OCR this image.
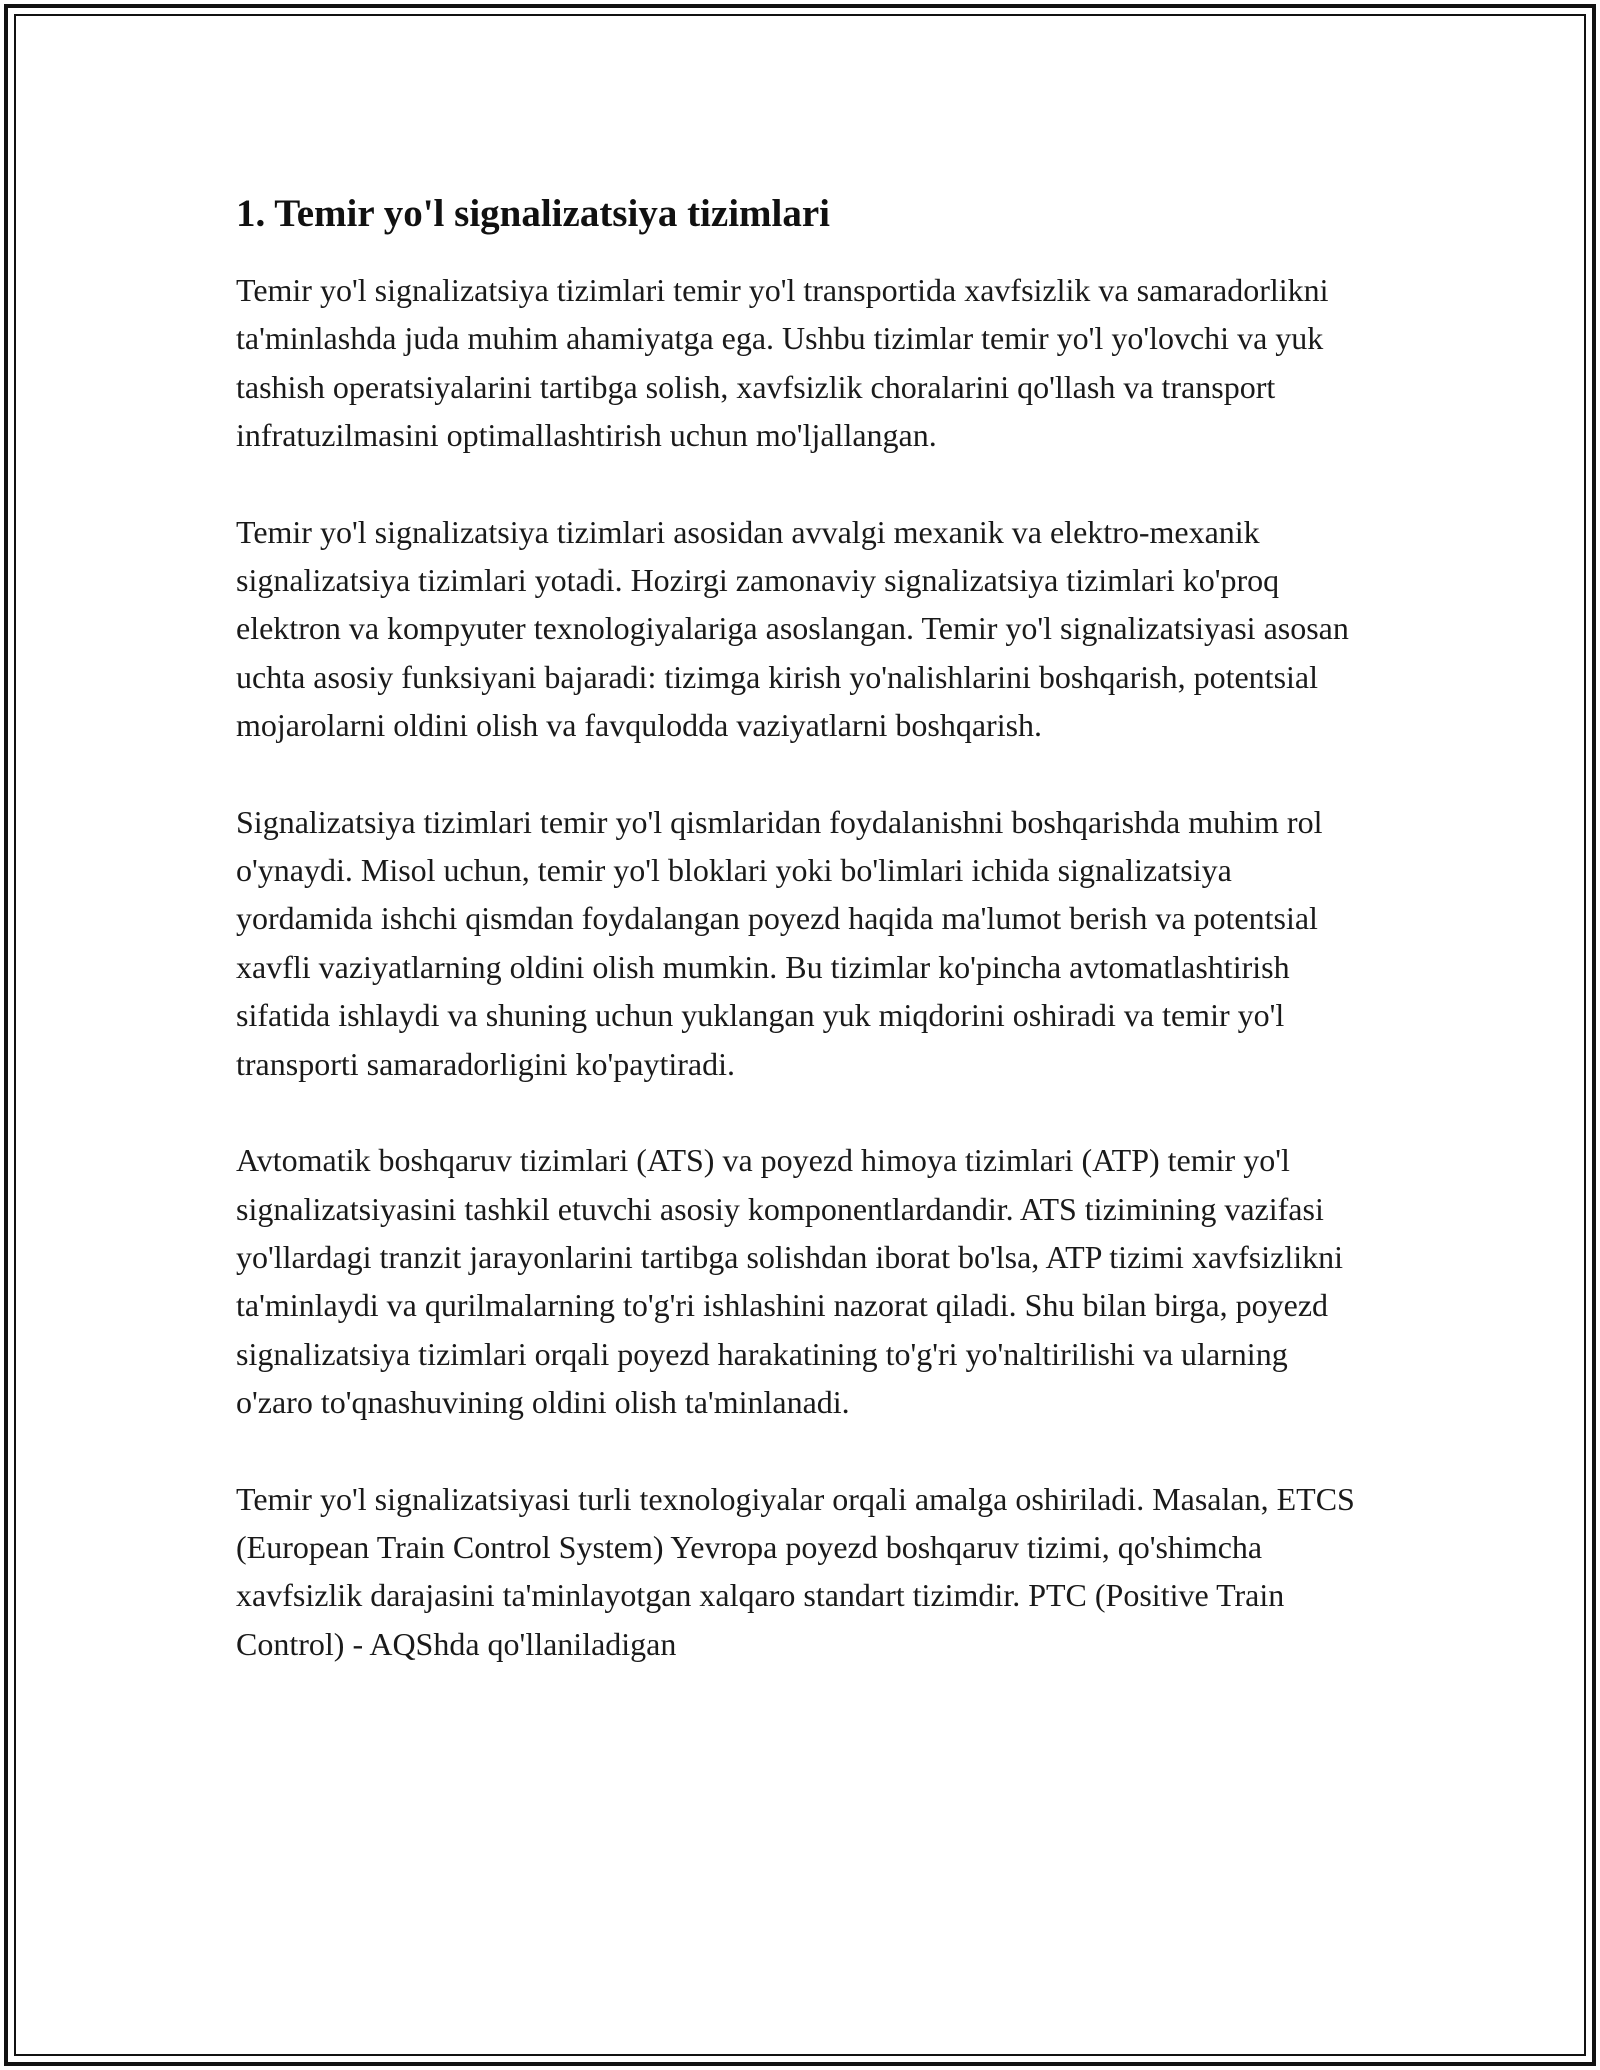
1. Temir yo'l signalizatsiya tizimlari

Temir yo'l signalizatsiya tizimlari temir yo'l transportida xavfsizlik va samaradorlikni ta'minlashda juda muhim ahamiyatga ega. Ushbu tizimlar temir yo'l yo'lovchi va yuk tashish operatsiyalarini tartibga solish, xavfsizlik choralarini qo'llash va transport infratuzilmasini optimallashtirish uchun mo'ljallangan.

Temir yo'l signalizatsiya tizimlari asosidan avvalgi mexanik va elektro-mexanik signalizatsiya tizimlari yotadi. Hozirgi zamonaviy signalizatsiya tizimlari ko'proq elektron va kompyuter texnologiyalariga asoslangan. Temir yo'l signalizatsiyasi asosan uchta asosiy funksiyani bajaradi: tizimga kirish yo'nalishlarini boshqarish, potentsial mojarolarni oldini olish va favqulodda vaziyatlarni boshqarish.

Signalizatsiya tizimlari temir yo'l qismlaridan foydalanishni boshqarishda muhim rol o'ynaydi. Misol uchun, temir yo'l bloklari yoki bo'limlari ichida signalizatsiya yordamida ishchi qismdan foydalangan poyezd haqida ma'lumot berish va potentsial xavfli vaziyatlarning oldini olish mumkin. Bu tizimlar ko'pincha avtomatlashtirish sifatida ishlaydi va shuning uchun yuklangan yuk miqdorini oshiradi va temir yo'l transporti samaradorligini ko'paytiradi.

Avtomatik boshqaruv tizimlari (ATS) va poyezd himoya tizimlari (ATP) temir yo'l signalizatsiyasini tashkil etuvchi asosiy komponentlardandir. ATS tizimining vazifasi yo'llardagi tranzit jarayonlarini tartibga solishdan iborat bo'lsa, ATP tizimi xavfsizlikni ta'minlaydi va qurilmalarning to'g'ri ishlashini nazorat qiladi. Shu bilan birga, poyezd signalizatsiya tizimlari orqali poyezd harakatining to'g'ri yo'naltirilishi va ularning o'zaro to'qnashuvining oldini olish ta'minlanadi.

Temir yo'l signalizatsiyasi turli texnologiyalar orqali amalga oshiriladi. Masalan, ETCS (European Train Control System) Yevropa poyezd boshqaruv tizimi, qo'shimcha xavfsizlik darajasini ta'minlayotgan xalqaro standart tizimdir. PTC (Positive Train Control) - AQShda qo'llaniladigan
